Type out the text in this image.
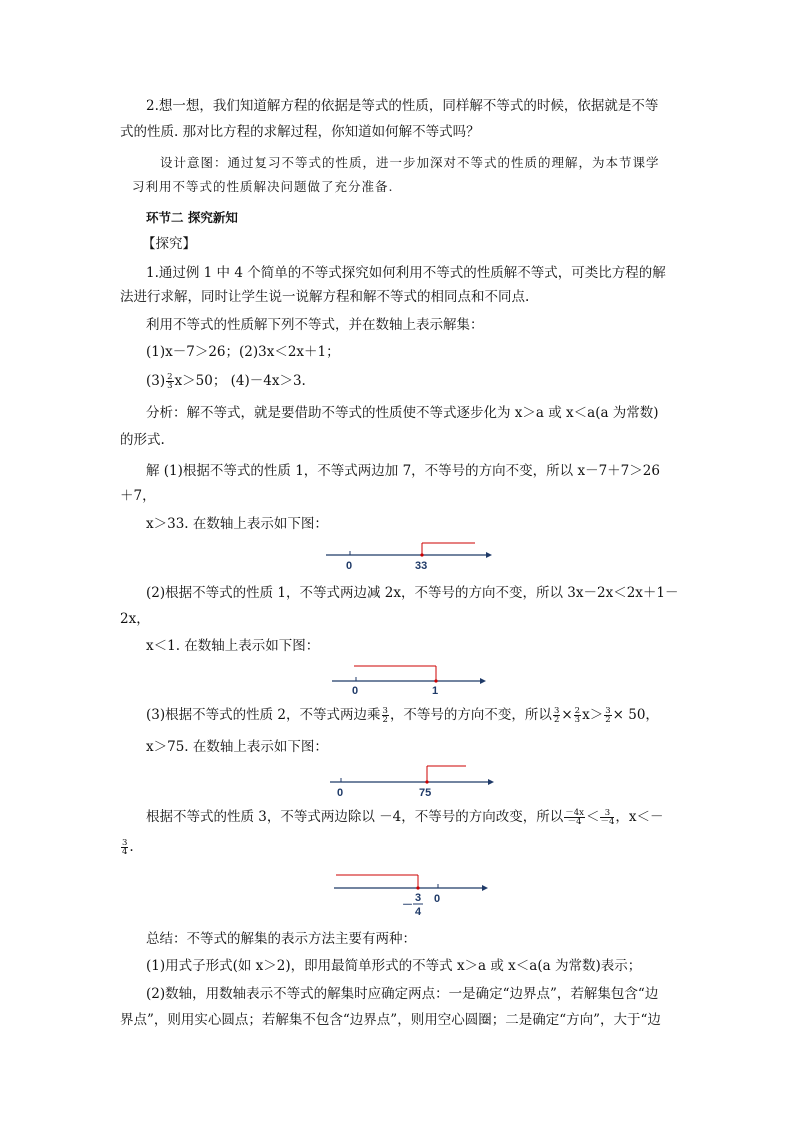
2.想一想，我们知道解方程的依据是等式的性质，同样解不等式的时候，依据就是不等
式的性质. 那对比方程的求解过程，你知道如何解不等式吗？
设计意图：通过复习不等式的性质，进一步加深对不等式的性质的理解，为本节课学
习利用不等式的性质解决问题做了充分准备.
环节二 探究新知
【探究】
1.通过例 1 中 4 个简单的不等式探究如何利用不等式的性质解不等式，可类比方程的解
法进行求解，同时让学生说一说解方程和解不等式的相同点和不同点.
利用不等式的性质解下列不等式，并在数轴上表示解集：
(1)x－7＞26；(2)3x＜2x＋1；
$(3) \frac{2}{3} x>50$； (4)－4x＞3.
分析：解不等式，就是要借助不等式的性质使不等式逐步化为 x＞a 或 x＜a(a 为常数)
的形式.
解 (1)根据不等式的性质 1，不等式两边加 7，不等号的方向不变，所以 x－7＋7＞26
＋7，
x＞33. 在数轴上表示如下图：
0	33
(2)根据不等式的性质 1，不等式两边减 2x，不等号的方向不变，所以 3x－2x＜2x＋1－
2x，
x＜1. 在数轴上表示如下图：
0	1
(3)根据不等式的性质 2，不等式两边乘 $\frac{3}{2}$ ，不等号的方向不变，所以 $\frac{3}{2} \times \frac{2}{3} x> \frac{3}{2} \times 50$，
x＞75. 在数轴上表示如下图：
0	75
根据不等式的性质 3，不等式两边除以 －4，不等号的方向改变，所以 $\frac{-4x}{-4} < \frac{3}{-4}$ ，x＜－
$\frac{3}{4}$ .
0
－
3
4
总结：不等式的解集的表示方法主要有两种：
(1)用式子形式(如 x＞2)，即用最简单形式的不等式 x＞a 或 x＜a(a 为常数)表示；
(2)数轴，用数轴表示不等式的解集时应确定两点：一是确定“边界点”，若解集包含“边
界点”，则用实心圆点；若解集不包含“边界点”，则用空心圆圈；二是确定“方向”，大于“边
